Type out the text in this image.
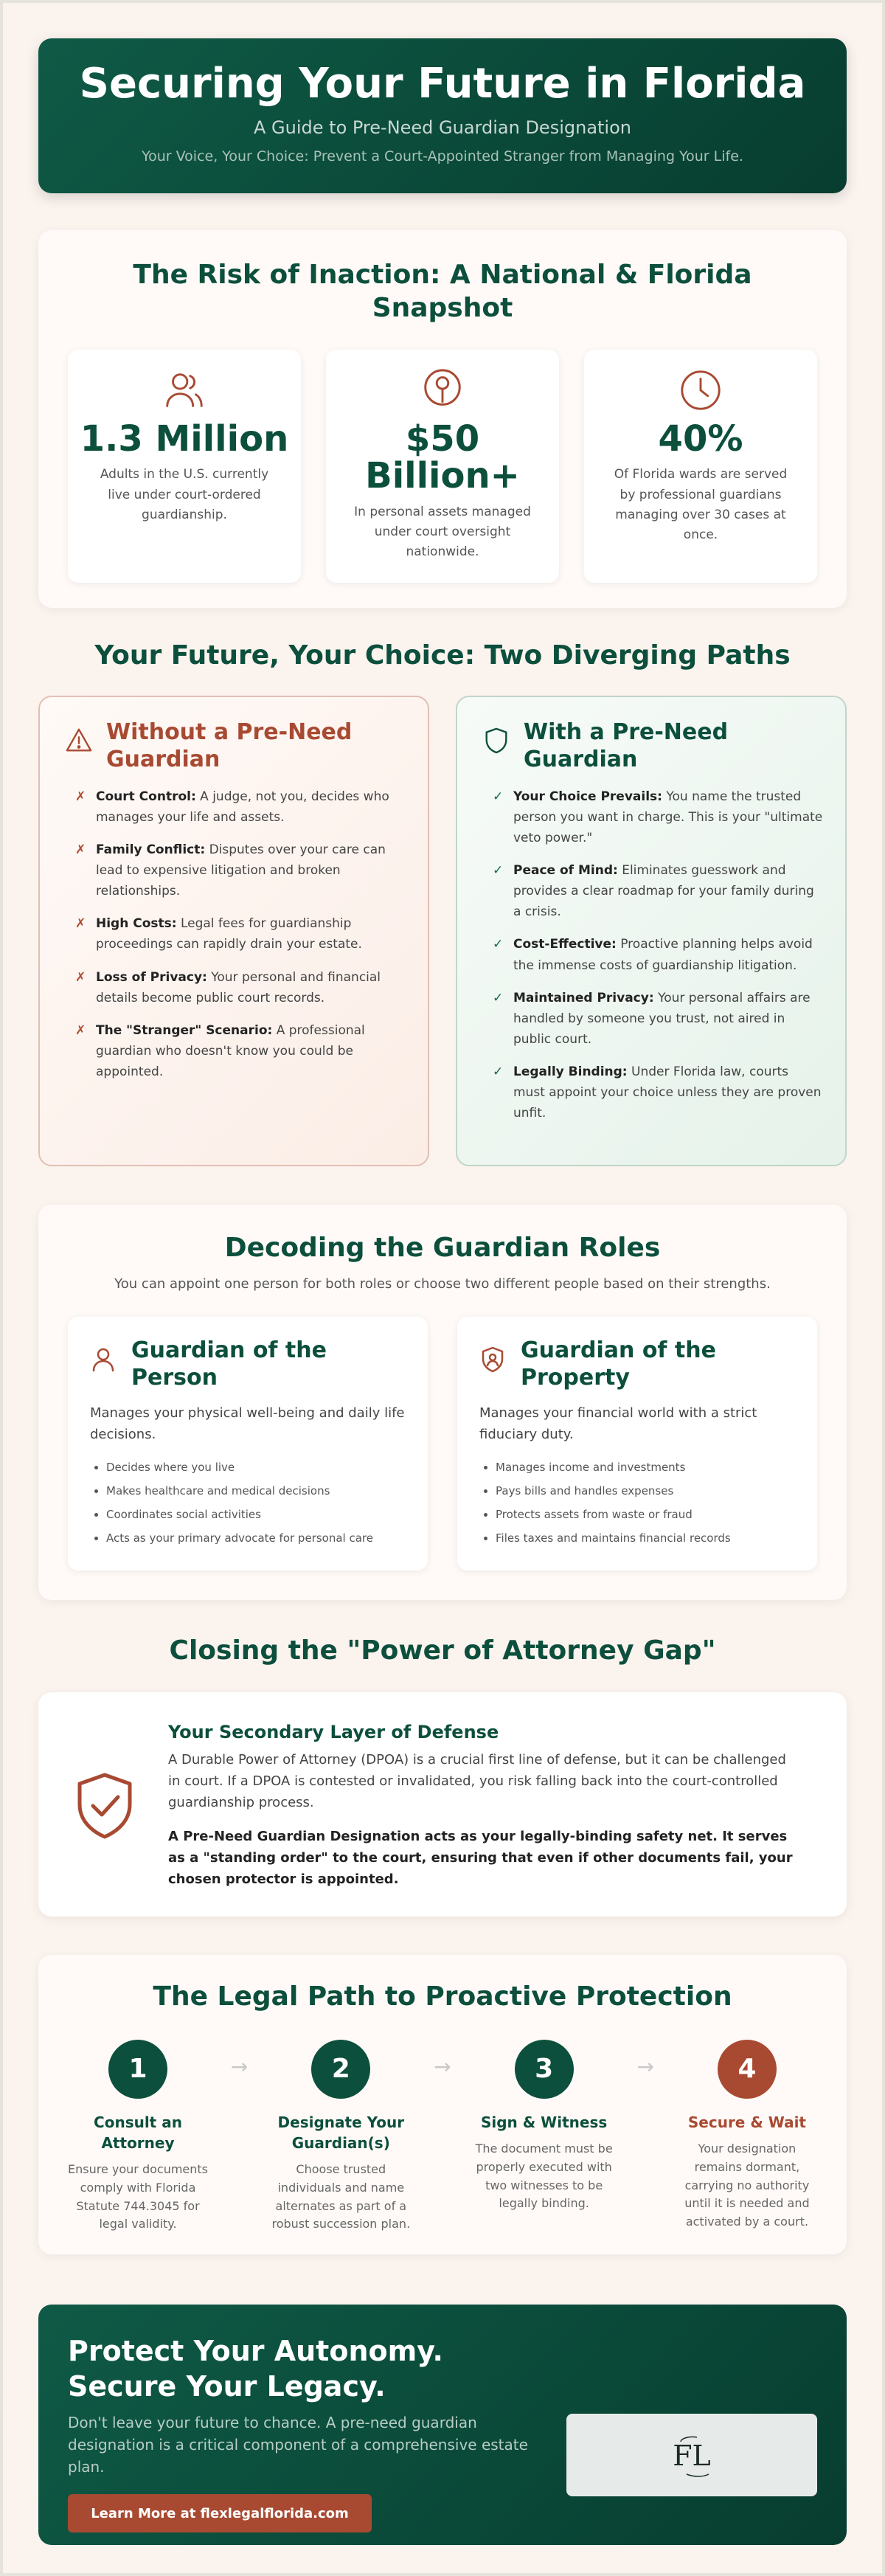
Securing Your Future in Florida
A Guide to Pre-Need Guardian Designation
Your Voice, Your Choice: Prevent a Court-Appointed Stranger from Managing Your Life.
The Risk of Inaction: A National & Florida Snapshot
1.3 Million
Adults in the U.S. currently live under court-ordered guardianship.
$50 Billion+
In personal assets managed under court oversight nationwide.
40%
Of Florida wards are served by professional guardians managing over 30 cases at once.
Your Future, Your Choice: Two Diverging Paths
Without a Pre-Need Guardian
✗ Court Control: A judge, not you, decides who manages your life and assets.
✗ Family Conflict: Disputes over your care can lead to expensive litigation and broken relationships.
✗ High Costs: Legal fees for guardianship proceedings can rapidly drain your estate.
✗ Loss of Privacy: Your personal and financial details become public court records.
✗ The "Stranger" Scenario: A professional guardian who doesn't know you could be appointed.
With a Pre-Need Guardian
✓ Your Choice Prevails: You name the trusted person you want in charge. This is your "ultimate veto power."
✓ Peace of Mind: Eliminates guesswork and provides a clear roadmap for your family during a crisis.
✓ Cost-Effective: Proactive planning helps avoid the immense costs of guardianship litigation.
✓ Maintained Privacy: Your personal affairs are handled by someone you trust, not aired in public court.
✓ Legally Binding: Under Florida law, courts must appoint your choice unless they are proven unfit.
Decoding the Guardian Roles

You can appoint one person for both roles or choose two different people based on their strengths.

Guardian of the Person

Manages your physical well-being and daily life decisions.

• Decides where you live
• Makes healthcare and medical decisions
• Coordinates social activities
• Acts as your primary advocate for personal care
Guardian of the Property

Manages your financial world with a strict fiduciary duty.

• Manages income and investments
• Pays bills and handles expenses
• Protects assets from waste or fraud
• Files taxes and maintains financial records
Closing the "Power of Attorney Gap"
Your Secondary Layer of Defense

A Durable Power of Attorney (DPOA) is a crucial first line of defense, but it can be challenged in court. If a DPOA is contested or invalidated, you risk falling back into the court-controlled guardianship process.

A Pre-Need Guardian Designation acts as your legally-binding safety net. It serves as a "standing order" to the court, ensuring that even if other documents fail, your chosen protector is appointed.

The Legal Path to Proactive Protection
1
Consult an Attorney

Ensure your documents comply with Florida Statute 744.3045 for legal validity.

→	2
Designate Your Guardian(s)

Choose trusted individuals and name alternates as part of a robust succession plan.

→	3
Sign & Witness

The document must be properly executed with two witnesses to be legally binding.

→	4
Secure & Wait

Your designation remains dormant, carrying no authority until it is needed and activated by a court.

Protect Your Autonomy. Secure Your Legacy.

Don't leave your future to chance. A pre-need guardian designation is a critical component of a comprehensive estate plan.

Learn More at flexlegalflorida.com
FL
